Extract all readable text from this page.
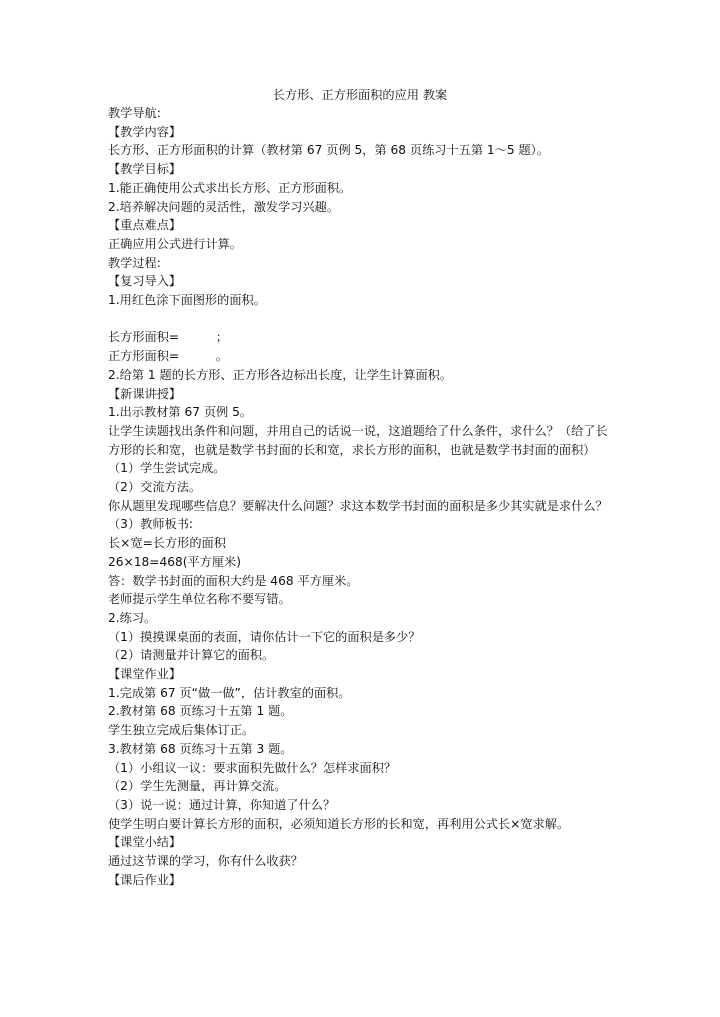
长方形、正方形面积的应用 教案

教学导航:

【教学内容】

长方形、正方形面积的计算（教材第 67 页例 5，第 68 页练习十五第 1～5 题）。

【教学目标】

1.能正确使用公式求出长方形、正方形面积。

2.培养解决问题的灵活性，激发学习兴趣。

【重点难点】

正确应用公式进行计算。

教学过程:

【复习导入】

1.用红色涂下面图形的面积。

长方形面积=　　　；

正方形面积=　　　。

2.给第 1 题的长方形、正方形各边标出长度，让学生计算面积。

【新课讲授】

1.出示教材第 67 页例 5。

让学生读题找出条件和问题，并用自己的话说一说，这道题给了什么条件，求什么？（给了长方形的长和宽，也就是数学书封面的长和宽，求长方形的面积，也就是数学书封面的面积）

（1）学生尝试完成。

（2）交流方法。

你从题里发现哪些信息？要解决什么问题？求这本数学书封面的面积是多少其实就是求什么？

（3）教师板书:

长×宽=长方形的面积

26×18=468(平方厘米)

答：数学书封面的面积大约是 468 平方厘米。

老师提示学生单位名称不要写错。

2.练习。

（1）摸摸课桌面的表面，请你估计一下它的面积是多少？

（2）请测量并计算它的面积。

【课堂作业】

1.完成第 67 页“做一做”，估计教室的面积。

2.教材第 68 页练习十五第 1 题。

学生独立完成后集体订正。

3.教材第 68 页练习十五第 3 题。

（1）小组议一议：要求面积先做什么？怎样求面积？

（2）学生先测量，再计算交流。

（3）说一说：通过计算，你知道了什么？

使学生明白要计算长方形的面积，必须知道长方形的长和宽，再利用公式长×宽求解。

【课堂小结】

通过这节课的学习，你有什么收获？

【课后作业】
